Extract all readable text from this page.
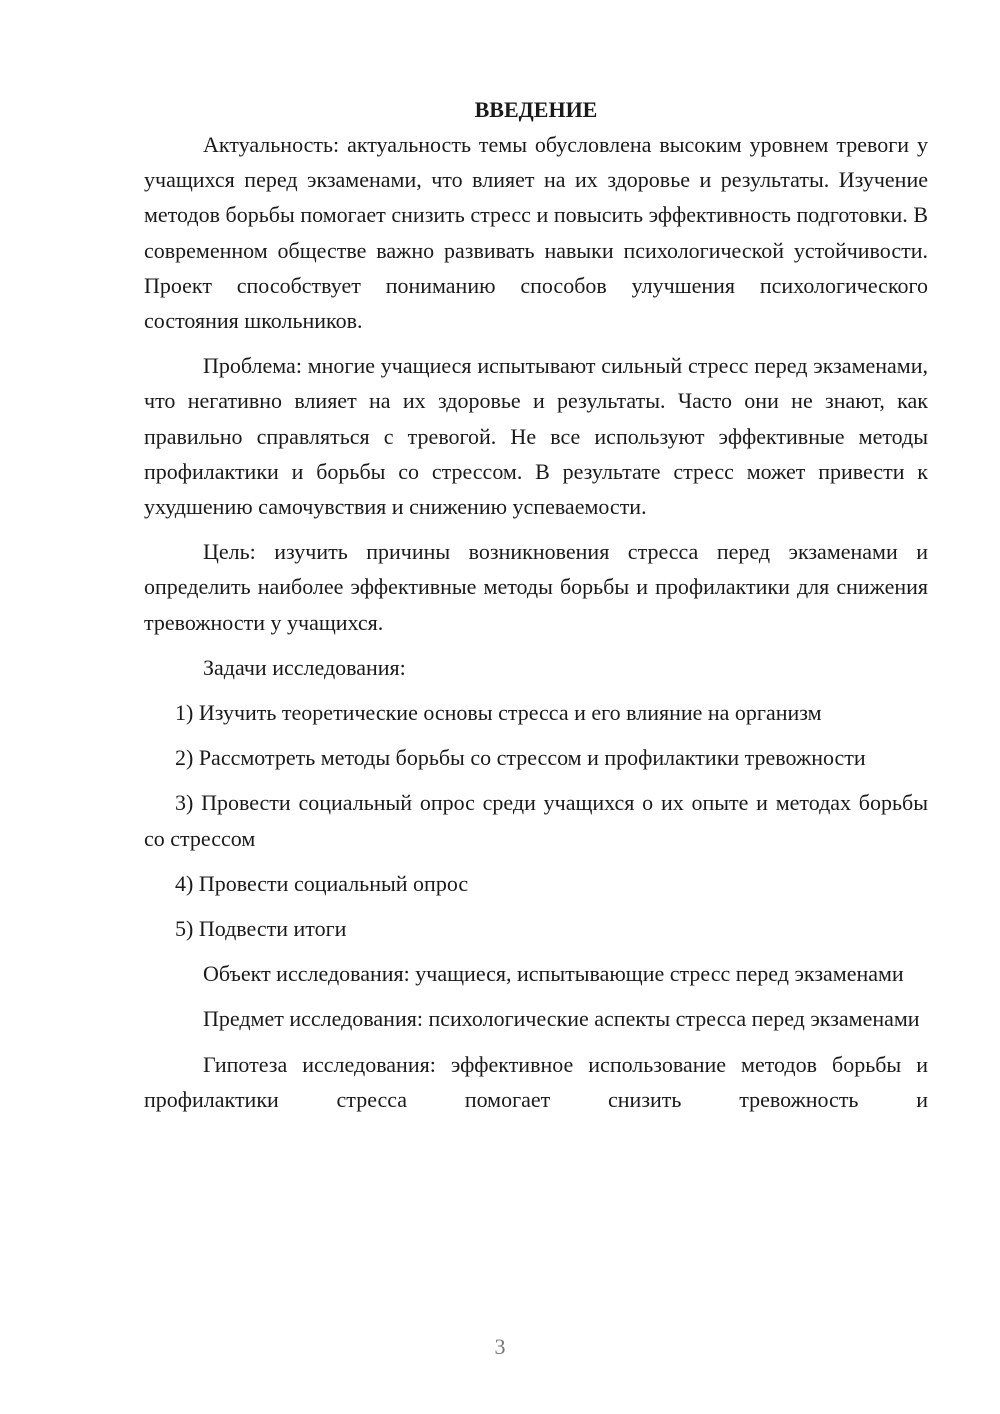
ВВЕДЕНИЕ

Актуальность: актуальность темы обусловлена высоким уровнем тревоги у учащихся перед экзаменами, что влияет на их здоровье и результаты. Изучение методов борьбы помогает снизить стресс и повысить эффективность подготовки. В современном обществе важно развивать навыки психологической устойчивости. Проект способствует пониманию способов улучшения психологического состояния школьников.

Проблема: многие учащиеся испытывают сильный стресс перед экзаменами, что негативно влияет на их здоровье и результаты. Часто они не знают, как правильно справляться с тревогой. Не все используют эффективные методы профилактики и борьбы со стрессом. В результате стресс может привести к ухудшению самочувствия и снижению успеваемости.

Цель: изучить причины возникновения стресса перед экзаменами и определить наиболее эффективные методы борьбы и профилактики для снижения тревожности у учащихся.

Задачи исследования:

1) Изучить теоретические основы стресса и его влияние на организм

2) Рассмотреть методы борьбы со стрессом и профилактики тревожности

3) Провести социальный опрос среди учащихся о их опыте и методах борьбы со стрессом

4) Провести социальный опрос

5) Подвести итоги

Объект исследования: учащиеся, испытывающие стресс перед экзаменами

Предмет исследования: психологические аспекты стресса перед экзаменами

Гипотеза исследования: эффективное использование методов борьбы и профилактики стресса помогает снизить тревожность и

3
